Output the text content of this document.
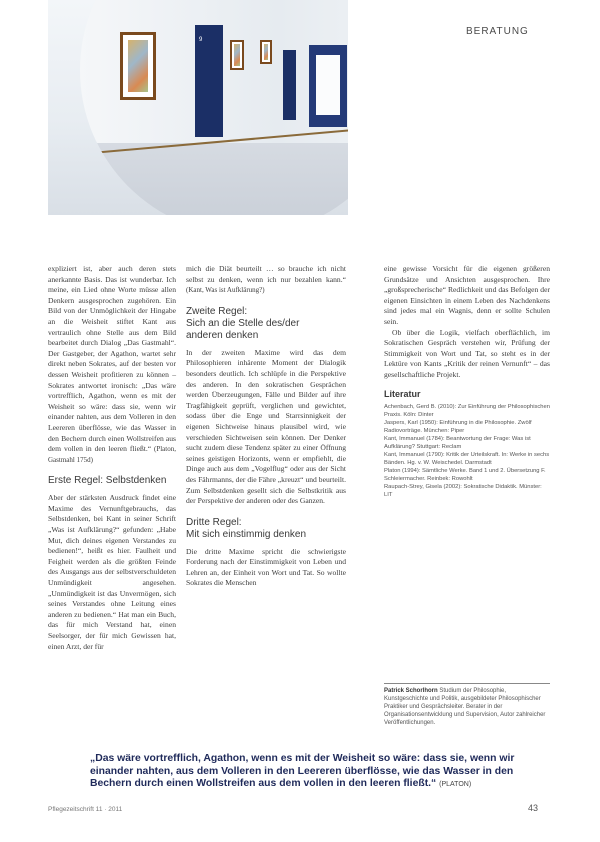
9
BERATUNG

expliziert ist, aber auch deren stets anerkannte Basis. Das ist wunderbar. Ich meine, ein Lied ohne Worte müsse allen Denkern ausgesprochen zugehören. Ein Bild von der Unmöglichkeit der Hingabe an die Weisheit stiftet Kant aus vertraulich ohne Stelle aus dem Bild bearbeitet durch Dialog „Das Gastmahl“. Der Gastgeber, der Agathon, wartet sehr direkt neben Sokrates, auf der besten vor dessen Weisheit profitieren zu können – Sokrates antwortet ironisch: „Das wäre vortrefflich, Agathon, wenn es mit der Weisheit so wäre: dass sie, wenn wir einander nahten, aus dem Volleren in den Leereren überflösse, wie das Wasser in den Bechern durch einen Wollstreifen aus dem vollen in den leeren fließt.“ (Platon, Gastmahl 175d)

Erste Regel: Selbstdenken

Aber der stärksten Ausdruck findet eine Maxime des Vernunftgebrauchs, das Selbstdenken, bei Kant in seiner Schrift „Was ist Aufklärung?“ gefunden: „Habe Mut, dich deines eigenen Verstandes zu bedienen!“, heißt es hier. Faulheit und Feigheit werden als die größten Feinde des Ausgangs aus der selbstverschuldeten Unmündigkeit angesehen. „Unmündigkeit ist das Unvermögen, sich seines Verstandes ohne Leitung eines anderen zu bedienen.“ Hat man ein Buch, das für mich Verstand hat, einen Seelsorger, der für mich Gewissen hat, einen Arzt, der für

mich die Diät beurteilt … so brauche ich nicht selbst zu denken, wenn ich nur bezahlen kann.“ (Kant, Was ist Aufklärung?)

Zweite Regel:
Sich an die Stelle des/der
anderen denken

In der zweiten Maxime wird das dem Philosophieren inhärente Moment der Dialogik besonders deutlich. Ich schlüpfe in die Perspektive des anderen. In den sokratischen Gesprächen werden Überzeugungen, Fälle und Bilder auf ihre Tragfähigkeit geprüft, verglichen und gewichtet, sodass über die Enge und Starrsinnigkeit der eigenen Sichtweise hinaus plausibel wird, wie verschieden Sichtweisen sein können. Der Denker sucht zudem diese Tendenz später zu einer Öffnung seines geistigen Horizonts, wenn er empfiehlt, die Dinge auch aus dem „Vogelflug“ oder aus der Sicht des Fährmanns, der die Fähre „kreuzt“ und beurteilt. Zum Selbstdenken gesellt sich die Selbstkritik aus der Perspektive der anderen oder des Ganzen.

Dritte Regel:
Mit sich einstimmig denken

Die dritte Maxime spricht die schwierigste Forderung nach der Einstimmigkeit von Leben und Lehren an, der Einheit von Wort und Tat. So wollte Sokrates die Menschen

eine gewisse Vorsicht für die eigenen größeren Grundsätze und Ansichten ausgesprochen. Ihre „großsprecherische“ Redlichkeit und das Befolgen der eigenen Einsichten in einem Leben des Nachdenkens sind jedes mal ein Wagnis, denn er sollte Schulen sein.

Ob über die Logik, vielfach oberflächlich, im Sokratischen Gespräch verstehen wir, Prüfung der Stimmigkeit von Wort und Tat, so steht es in der Lektüre von Kants „Kritik der reinen Vernunft“ – das gesellschaftliche Projekt.

Literatur

Achenbach, Gerd B. (2010): Zur Einführung der Philosophischen Praxis. Köln: Dinter

Jaspers, Karl (1950): Einführung in die Philosophie. Zwölf Radiovorträge. München: Piper

Kant, Immanuel (1784): Beantwortung der Frage: Was ist Aufklärung? Stuttgart: Reclam

Kant, Immanuel (1790): Kritik der Urteilskraft. In: Werke in sechs Bänden. Hg. v. W. Weischedel. Darmstadt

Platon (1994): Sämtliche Werke. Band 1 und 2. Übersetzung F. Schleiermacher. Reinbek: Rowohlt

Raupach-Strey, Gisela (2002): Sokratische Didaktik. Münster: LIT

Patrick Schorlhorn Studium der Philosophie, Kunstgeschichte und Politik, ausgebildeter Philosophischer Praktiker und Gesprächsleiter. Berater in der Organisationsentwicklung und Supervision, Autor zahlreicher Veröffentlichungen.
„Das wäre vortrefflich, Agathon, wenn es mit der Weisheit so wäre: dass sie, wenn wir einander nahten, aus dem Volleren in den Leereren überflösse, wie das Wasser in den Bechern durch einen Wollstreifen aus dem vollen in den leeren fließt.“ (PLATON)
Pflegezeitschrift 11 · 2011	43
